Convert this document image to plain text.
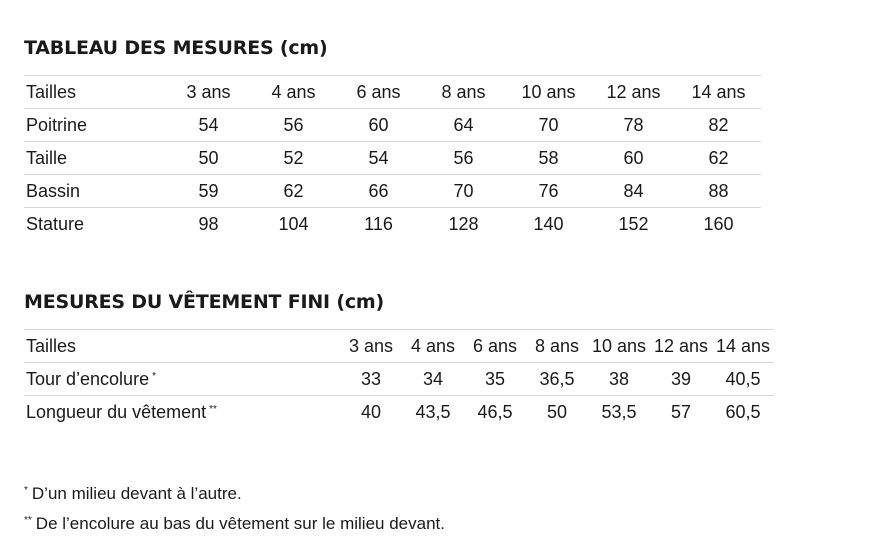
TABLEAU DES MESURES (cm)
Tailles	3 ans	4 ans	6 ans	8 ans	10 ans	12 ans	14 ans
Poitrine	54	56	60	64	70	78	82
Taille	50	52	54	56	58	60	62
Bassin	59	62	66	70	76	84	88
Stature	98	104	116	128	140	152	160
MESURES DU VÊTEMENT FINI (cm)
Tailles	3 ans	4 ans	6 ans	8 ans	10 ans	12 ans	14 ans
Tour d’encolure *	33	34	35	36,5	38	39	40,5
Longueur du vêtement **	40	43,5	46,5	50	53,5	57	60,5

* D’un milieu devant à l’autre.

** De l’encolure au bas du vêtement sur le milieu devant.
